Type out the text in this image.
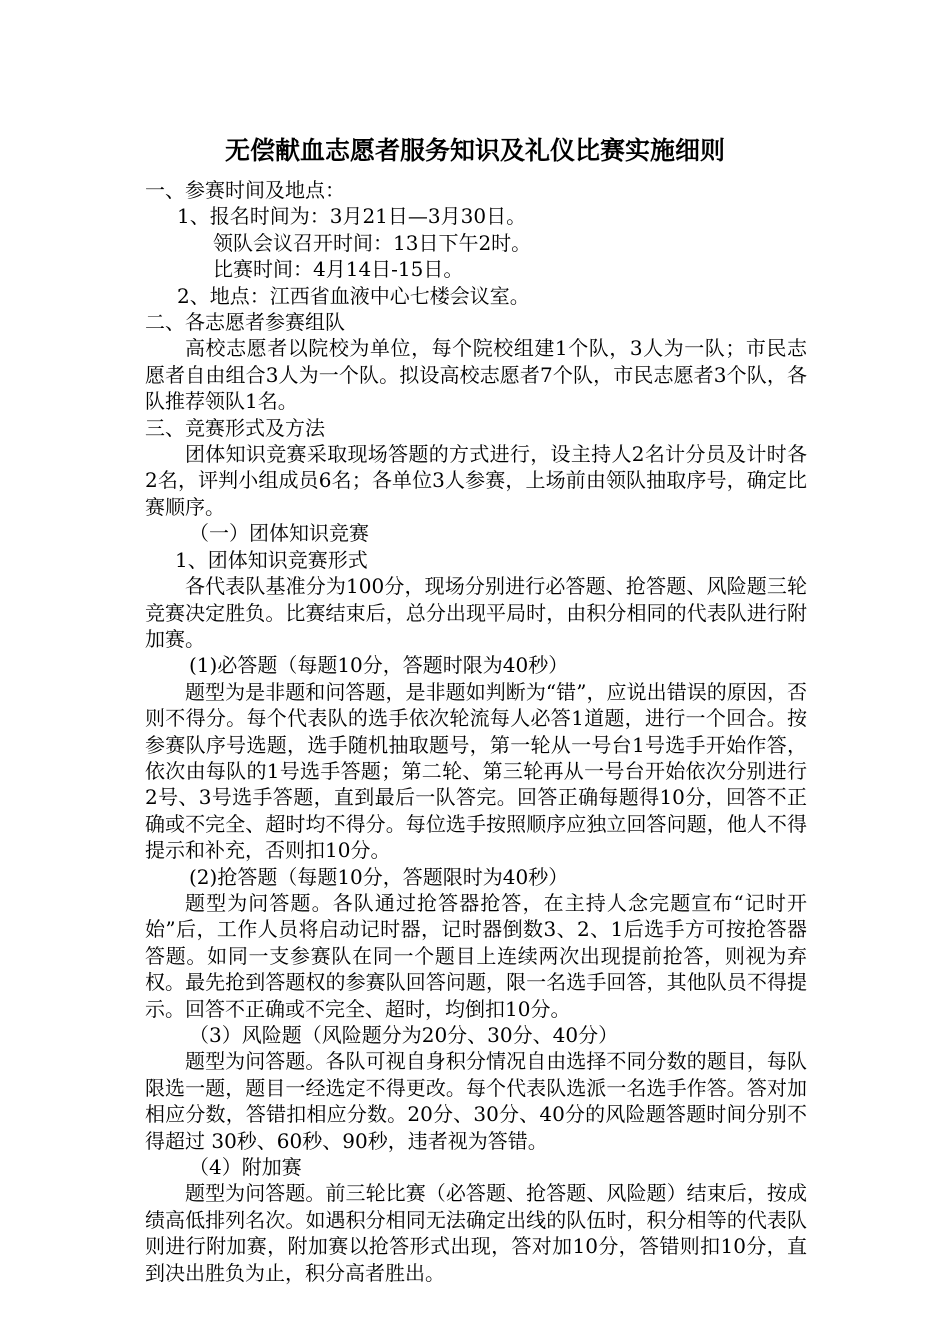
无偿献血志愿者服务知识及礼仪比赛实施细则

一、参赛时间及地点：

1、报名时间为：3月21日—3月30日。

领队会议召开时间：13日下午2时。

比赛时间：4月14日-15日。

2、地点：江西省血液中心七楼会议室。

二、各志愿者参赛组队

高校志愿者以院校为单位，每个院校组建1个队，3人为一队；市民志愿者自由组合3人为一个队。拟设高校志愿者7个队，市民志愿者3个队，各队推荐领队1名。

三、竞赛形式及方法

团体知识竞赛采取现场答题的方式进行，设主持人2名计分员及计时各2名，评判小组成员6名；各单位3人参赛，上场前由领队抽取序号，确定比赛顺序。

（一）团体知识竞赛

1、团体知识竞赛形式

各代表队基准分为100分，现场分别进行必答题、抢答题、风险题三轮竞赛决定胜负。比赛结束后，总分出现平局时，由积分相同的代表队进行附加赛。

(1)必答题（每题10分，答题时限为40秒）

题型为是非题和问答题，是非题如判断为“错”，应说出错误的原因，否则不得分。每个代表队的选手依次轮流每人必答1道题，进行一个回合。按参赛队序号选题，选手随机抽取题号，第一轮从一号台1号选手开始作答，依次由每队的1号选手答题；第二轮、第三轮再从一号台开始依次分别进行2号、3号选手答题，直到最后一队答完。回答正确每题得10分，回答不正确或不完全、超时均不得分。每位选手按照顺序应独立回答问题，他人不得提示和补充，否则扣10分。

(2)抢答题（每题10分，答题限时为40秒）

题型为问答题。各队通过抢答器抢答，在主持人念完题宣布“记时开始”后，工作人员将启动记时器，记时器倒数3、2、1后选手方可按抢答器答题。如同一支参赛队在同一个题目上连续两次出现提前抢答，则视为弃权。最先抢到答题权的参赛队回答问题，限一名选手回答，其他队员不得提示。回答不正确或不完全、超时，均倒扣10分。

（3）风险题（风险题分为20分、30分、40分）

题型为问答题。各队可视自身积分情况自由选择不同分数的题目，每队限选一题，题目一经选定不得更改。每个代表队选派一名选手作答。答对加相应分数，答错扣相应分数。20分、30分、40分的风险题答题时间分别不得超过 30秒、60秒、90秒，违者视为答错。

（4）附加赛

题型为问答题。前三轮比赛（必答题、抢答题、风险题）结束后，按成绩高低排列名次。如遇积分相同无法确定出线的队伍时，积分相等的代表队则进行附加赛，附加赛以抢答形式出现，答对加10分，答错则扣10分，直到决出胜负为止，积分高者胜出。
